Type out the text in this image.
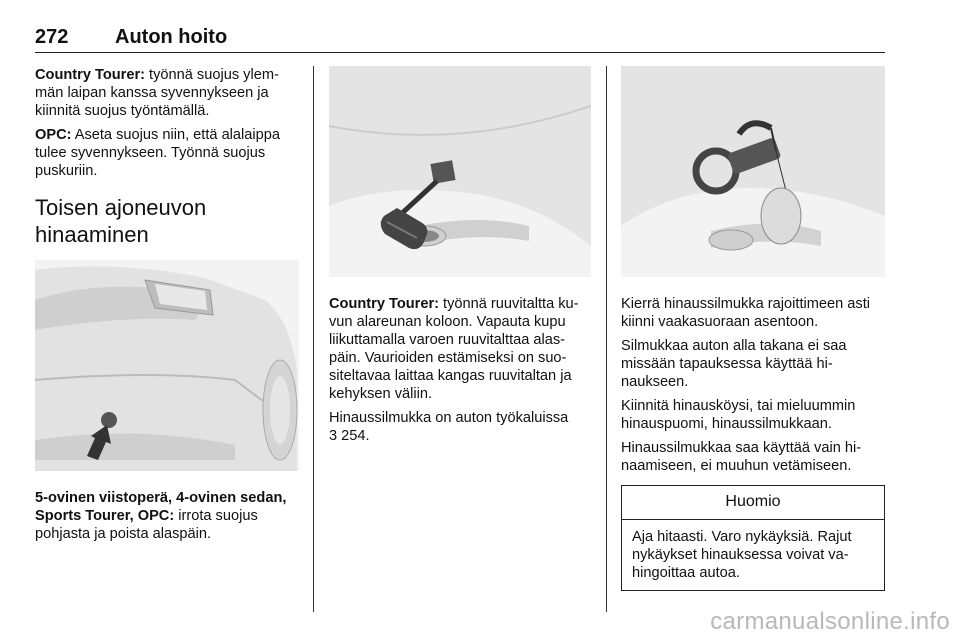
272 Auton hoito

Country Tourer: työnnä suojus ylem-män laipan kanssa syvennykseen ja kiinnitä suojus työntämällä.

OPC: Aseta suojus niin, että alalaippa tulee syvennykseen. Työnnä suojus puskuriin.

Toisen ajoneuvon hinaaminen

5-ovinen viistoperä, 4-ovinen sedan, Sports Tourer, OPC: irrota suojus pohjasta ja poista alaspäin.

Country Tourer: työnnä ruuvitaltta ku-vun alareunan koloon. Vapauta kupu liikuttamalla varoen ruuvitalttaa alas-päin. Vaurioiden estämiseksi on suo-siteltavaa laittaa kangas ruuvitaltan ja kehyksen väliin.

Hinaussilmukka on auton työkaluissa
3 254.

Kierrä hinaussilmukka rajoittimeen asti kiinni vaakasuoraan asentoon.

Silmukkaa auton alla takana ei saa missään tapauksessa käyttää hi-naukseen.

Kiinnitä hinausköysi, tai mieluummin hinauspuomi, hinaussilmukkaan.

Hinaussilmukkaa saa käyttää vain hi-naamiseen, ei muuhun vetämiseen.

Huomio
Aja hitaasti. Varo nykäyksiä. Rajut nykäykset hinauksessa voivat va-hingoittaa autoa.
carmanualsonline.info
